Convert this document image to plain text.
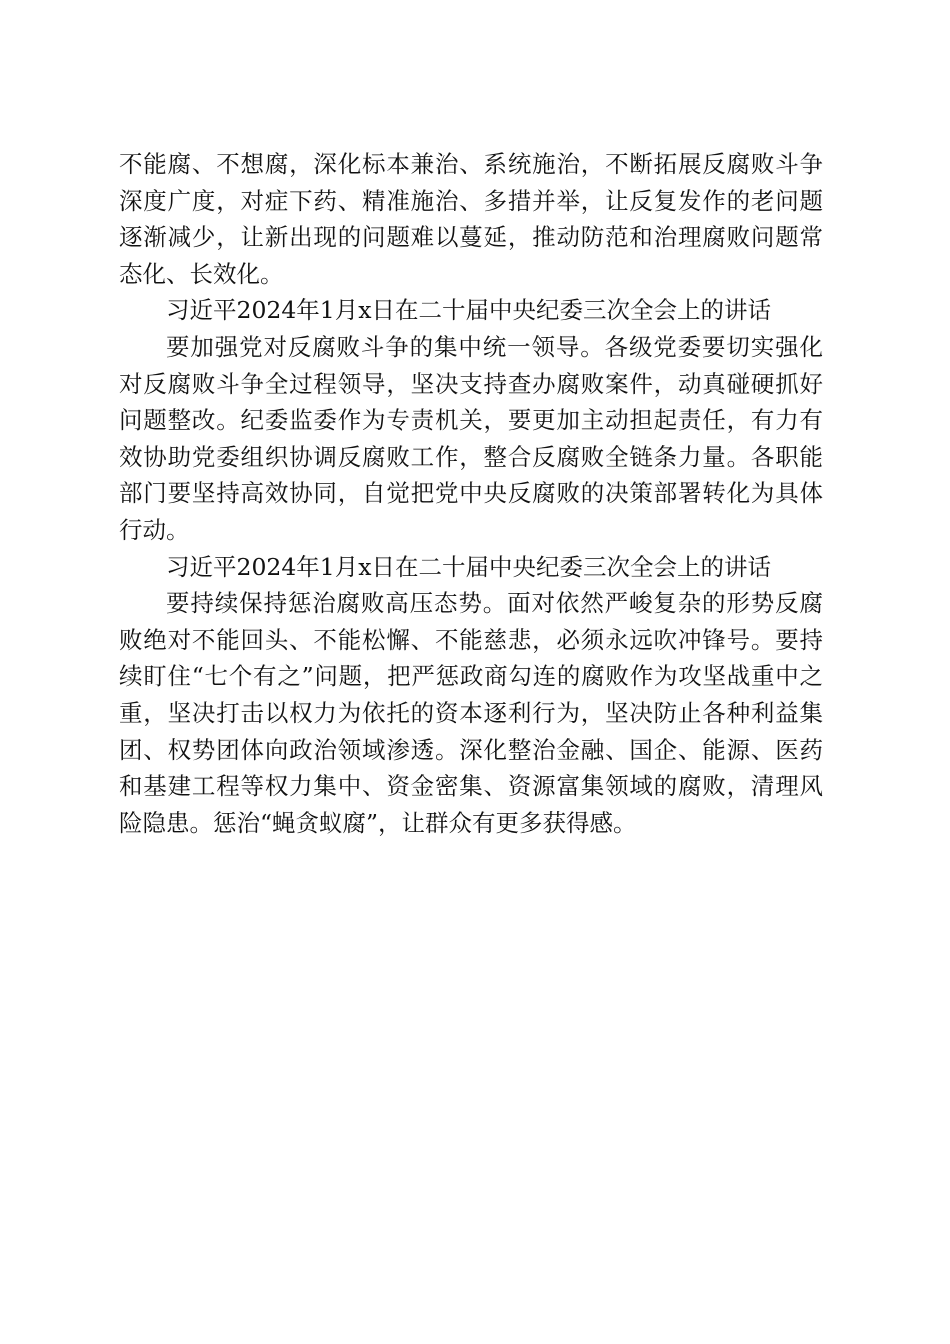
不能腐、不想腐，深化标本兼治、系统施治，不断拓展反腐败斗争深度广度，对症下药、精准施治、多措并举，让反复发作的老问题逐渐减少，让新出现的问题难以蔓延，推动防范和治理腐败问题常态化、长效化。

习近平2024年1月x日在二十届中央纪委三次全会上的讲话

要加强党对反腐败斗争的集中统一领导。各级党委要切实强化对反腐败斗争全过程领导，坚决支持查办腐败案件，动真碰硬抓好问题整改。纪委监委作为专责机关，要更加主动担起责任，有力有效协助党委组织协调反腐败工作，整合反腐败全链条力量。各职能部门要坚持高效协同，自觉把党中央反腐败的决策部署转化为具体行动。

习近平2024年1月x日在二十届中央纪委三次全会上的讲话

要持续保持惩治腐败高压态势。面对依然严峻复杂的形势反腐败绝对不能回头、不能松懈、不能慈悲，必须永远吹冲锋号。要持续盯住“七个有之”问题，把严惩政商勾连的腐败作为攻坚战重中之重，坚决打击以权力为依托的资本逐利行为，坚决防止各种利益集团、权势团体向政治领域渗透。深化整治金融、国企、能源、医药和基建工程等权力集中、资金密集、资源富集领域的腐败，清理风险隐患。惩治“蝇贪蚁腐”，让群众有更多获得感。
